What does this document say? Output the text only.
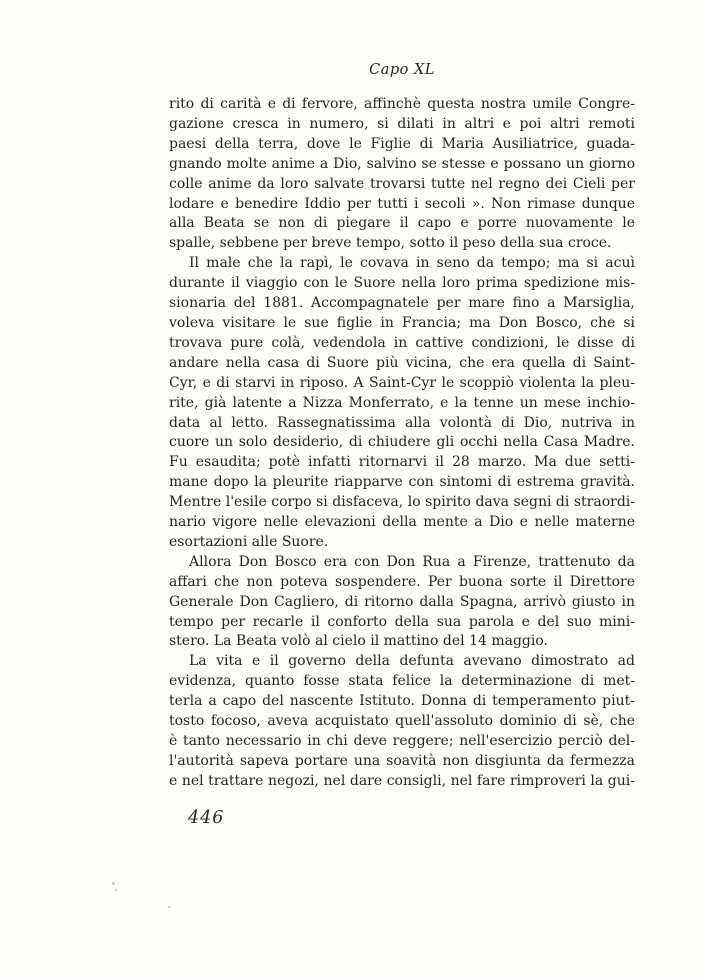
Capo XL
rito di carità e di fervore, affinchè questa nostra umile Congre-
gazione cresca in numero, si dilati in altri e poi altri remoti
paesi della terra, dove le Figlie di Maria Ausiliatrice, guada-
gnando molte anime a Dio, salvino se stesse e possano un giorno
colle anime da loro salvate trovarsi tutte nel regno dei Cieli per
lodare e benedire Iddio per tutti i secoli ». Non rimase dunque
alla Beata se non di piegare il capo e porre nuovamente le
spalle, sebbene per breve tempo, sotto il peso della sua croce.
Il male che la rapì, le covava in seno da tempo; ma si acuì
durante il viaggio con le Suore nella loro prima spedizione mis-
sionaria del 1881. Accompagnatele per mare fino a Marsiglia,
voleva visitare le sue figlie in Francia; ma Don Bosco, che si
trovava pure colà, vedendola in cattive condizioni, le disse di
andare nella casa di Suore più vicina, che era quella di Saint-
Cyr, e di starvi in riposo. A Saint-Cyr le scoppiò violenta la pleu-
rite, già latente a Nizza Monferrato, e la tenne un mese inchio-
data al letto. Rassegnatissima alla volontà di Dio, nutriva in
cuore un solo desiderio, di chiudere gli occhi nella Casa Madre.
Fu esaudita; potè infatti ritornarvi il 28 marzo. Ma due setti-
mane dopo la pleurite riapparve con sintomi di estrema gravità.
Mentre l'esile corpo si disfaceva, lo spirito dava segni di straordi-
nario vigore nelle elevazioni della mente a Dio e nelle materne
esortazioni alle Suore.
Allora Don Bosco era con Don Rua a Firenze, trattenuto da
affari che non poteva sospendere. Per buona sorte il Direttore
Generale Don Cagliero, di ritorno dalla Spagna, arrivò giusto in
tempo per recarle il conforto della sua parola e del suo mini-
stero. La Beata volò al cielo il mattino del 14 maggio.
La vita e il governo della defunta avevano dimostrato ad
evidenza, quanto fosse stata felice la determinazione di met-
terla a capo del nascente Istituto. Donna di temperamento piut-
tosto focoso, aveva acquistato quell'assoluto dominio di sè, che
è tanto necessario in chi deve reggere; nell'esercizio perciò del-
l'autorità sapeva portare una soavità non disgiunta da fermezza
e nel trattare negozi, nel dare consigli, nel fare rimproveri la gui-
446
